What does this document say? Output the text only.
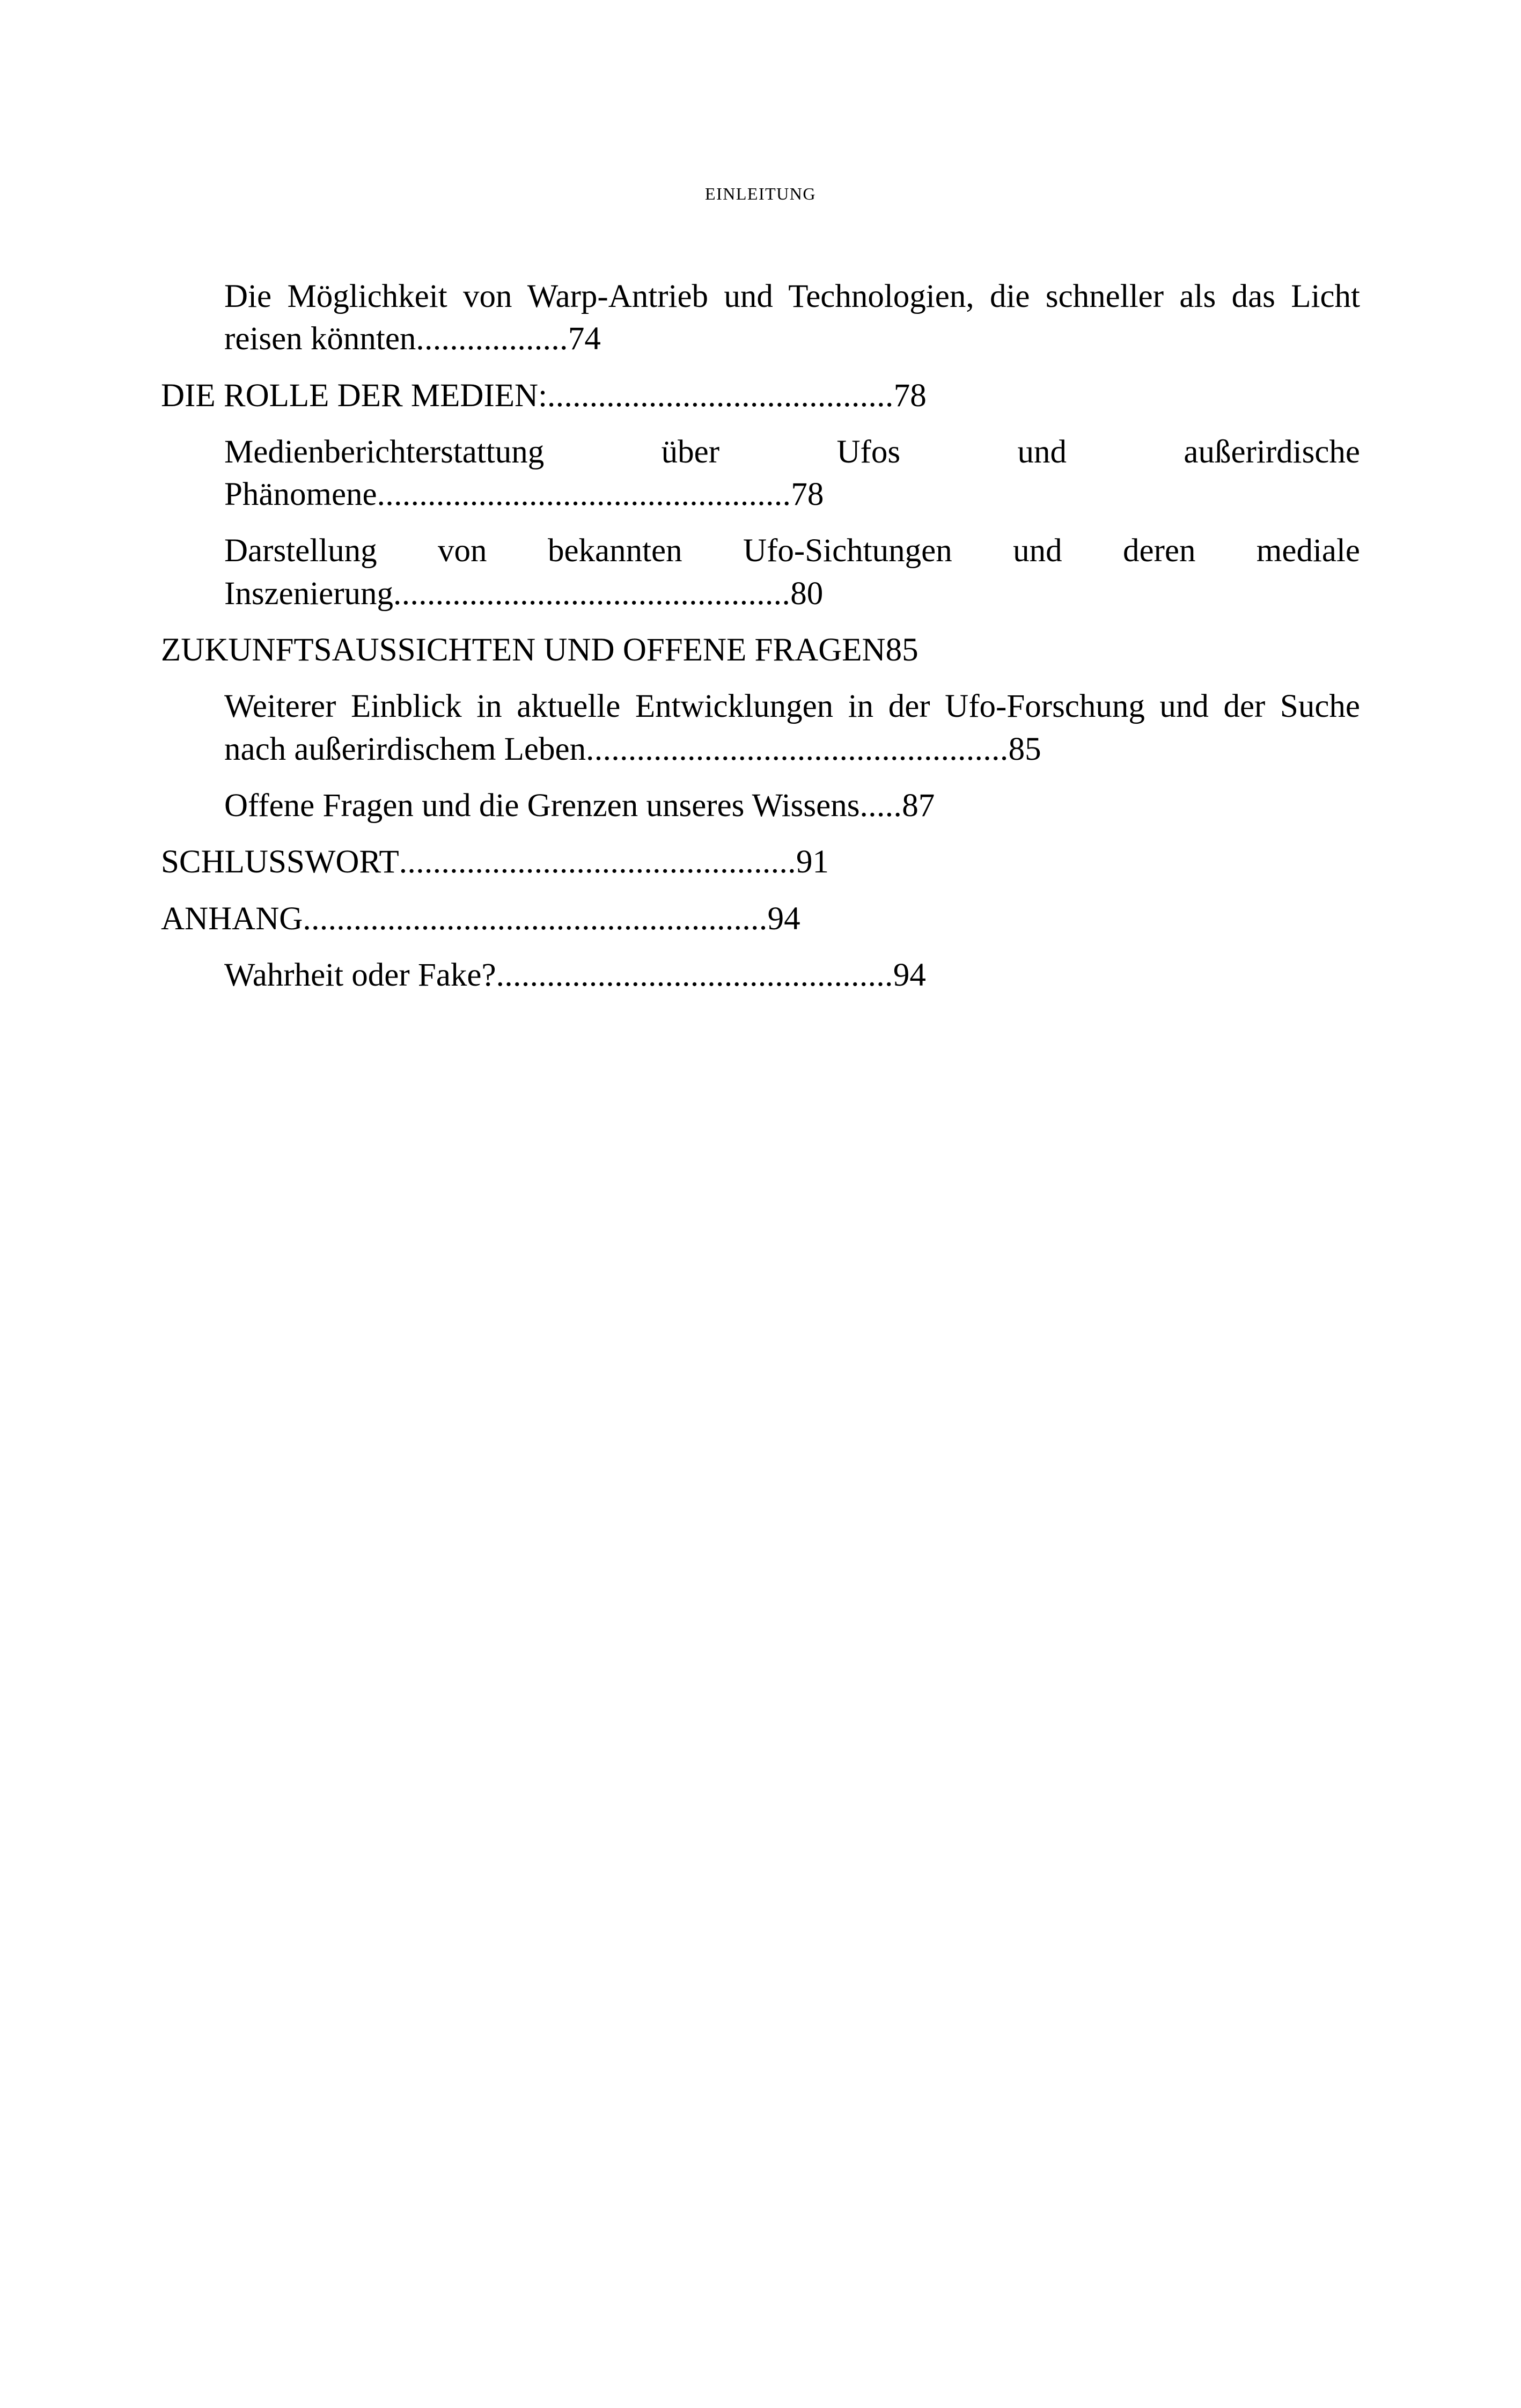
einleitung
Die Möglichkeit von Warp-Antrieb und Technologien, die schneller als das Licht reisen könnten..................74
DIE ROLLE DER MEDIEN:.........................................78
Medienberichterstattung über Ufos und außerirdische Phänomene.................................................78
Darstellung von bekannten Ufo-Sichtungen und deren mediale Inszenierung...............................................80
ZUKUNFTSAUSSICHTEN UND OFFENE FRAGEN85
Weiterer Einblick in aktuelle Entwicklungen in der Ufo-Forschung und der Suche nach außerirdischem Leben..................................................85
Offene Fragen und die Grenzen unseres Wissens.....87
SCHLUSSWORT...............................................91
ANHANG.......................................................94
Wahrheit oder Fake?...............................................94
